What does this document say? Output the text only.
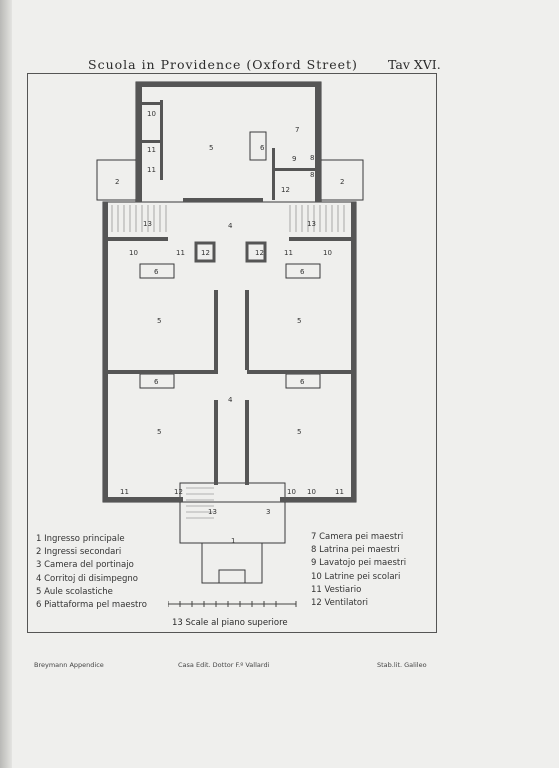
Scuola in Providence (Oxford Street) Tav XVI.
5
7
6
10
11
11
2	2
8
8
9
12
13	13
4
10	11 12	12	11	10
6	6
5	5
6	6
4
5	5
11	12	10 10	11
13	3
1
1 Ingresso principale
2 Ingressi secondari
3 Camera del portinajo
4 Corritoj di disimpegno
5 Aule scolastiche
6 Piattaforma pel maestro
7 Camera pei maestri
8 Latrina pei maestri
9 Lavatojo pei maestri
10 Latrine pei scolari
11 Vestiario
12 Ventilatori
13 Scale al piano superiore
Breymann Appendice	Casa Edit. Dottor F.º Vallardi	Stab.lit. Galileo
